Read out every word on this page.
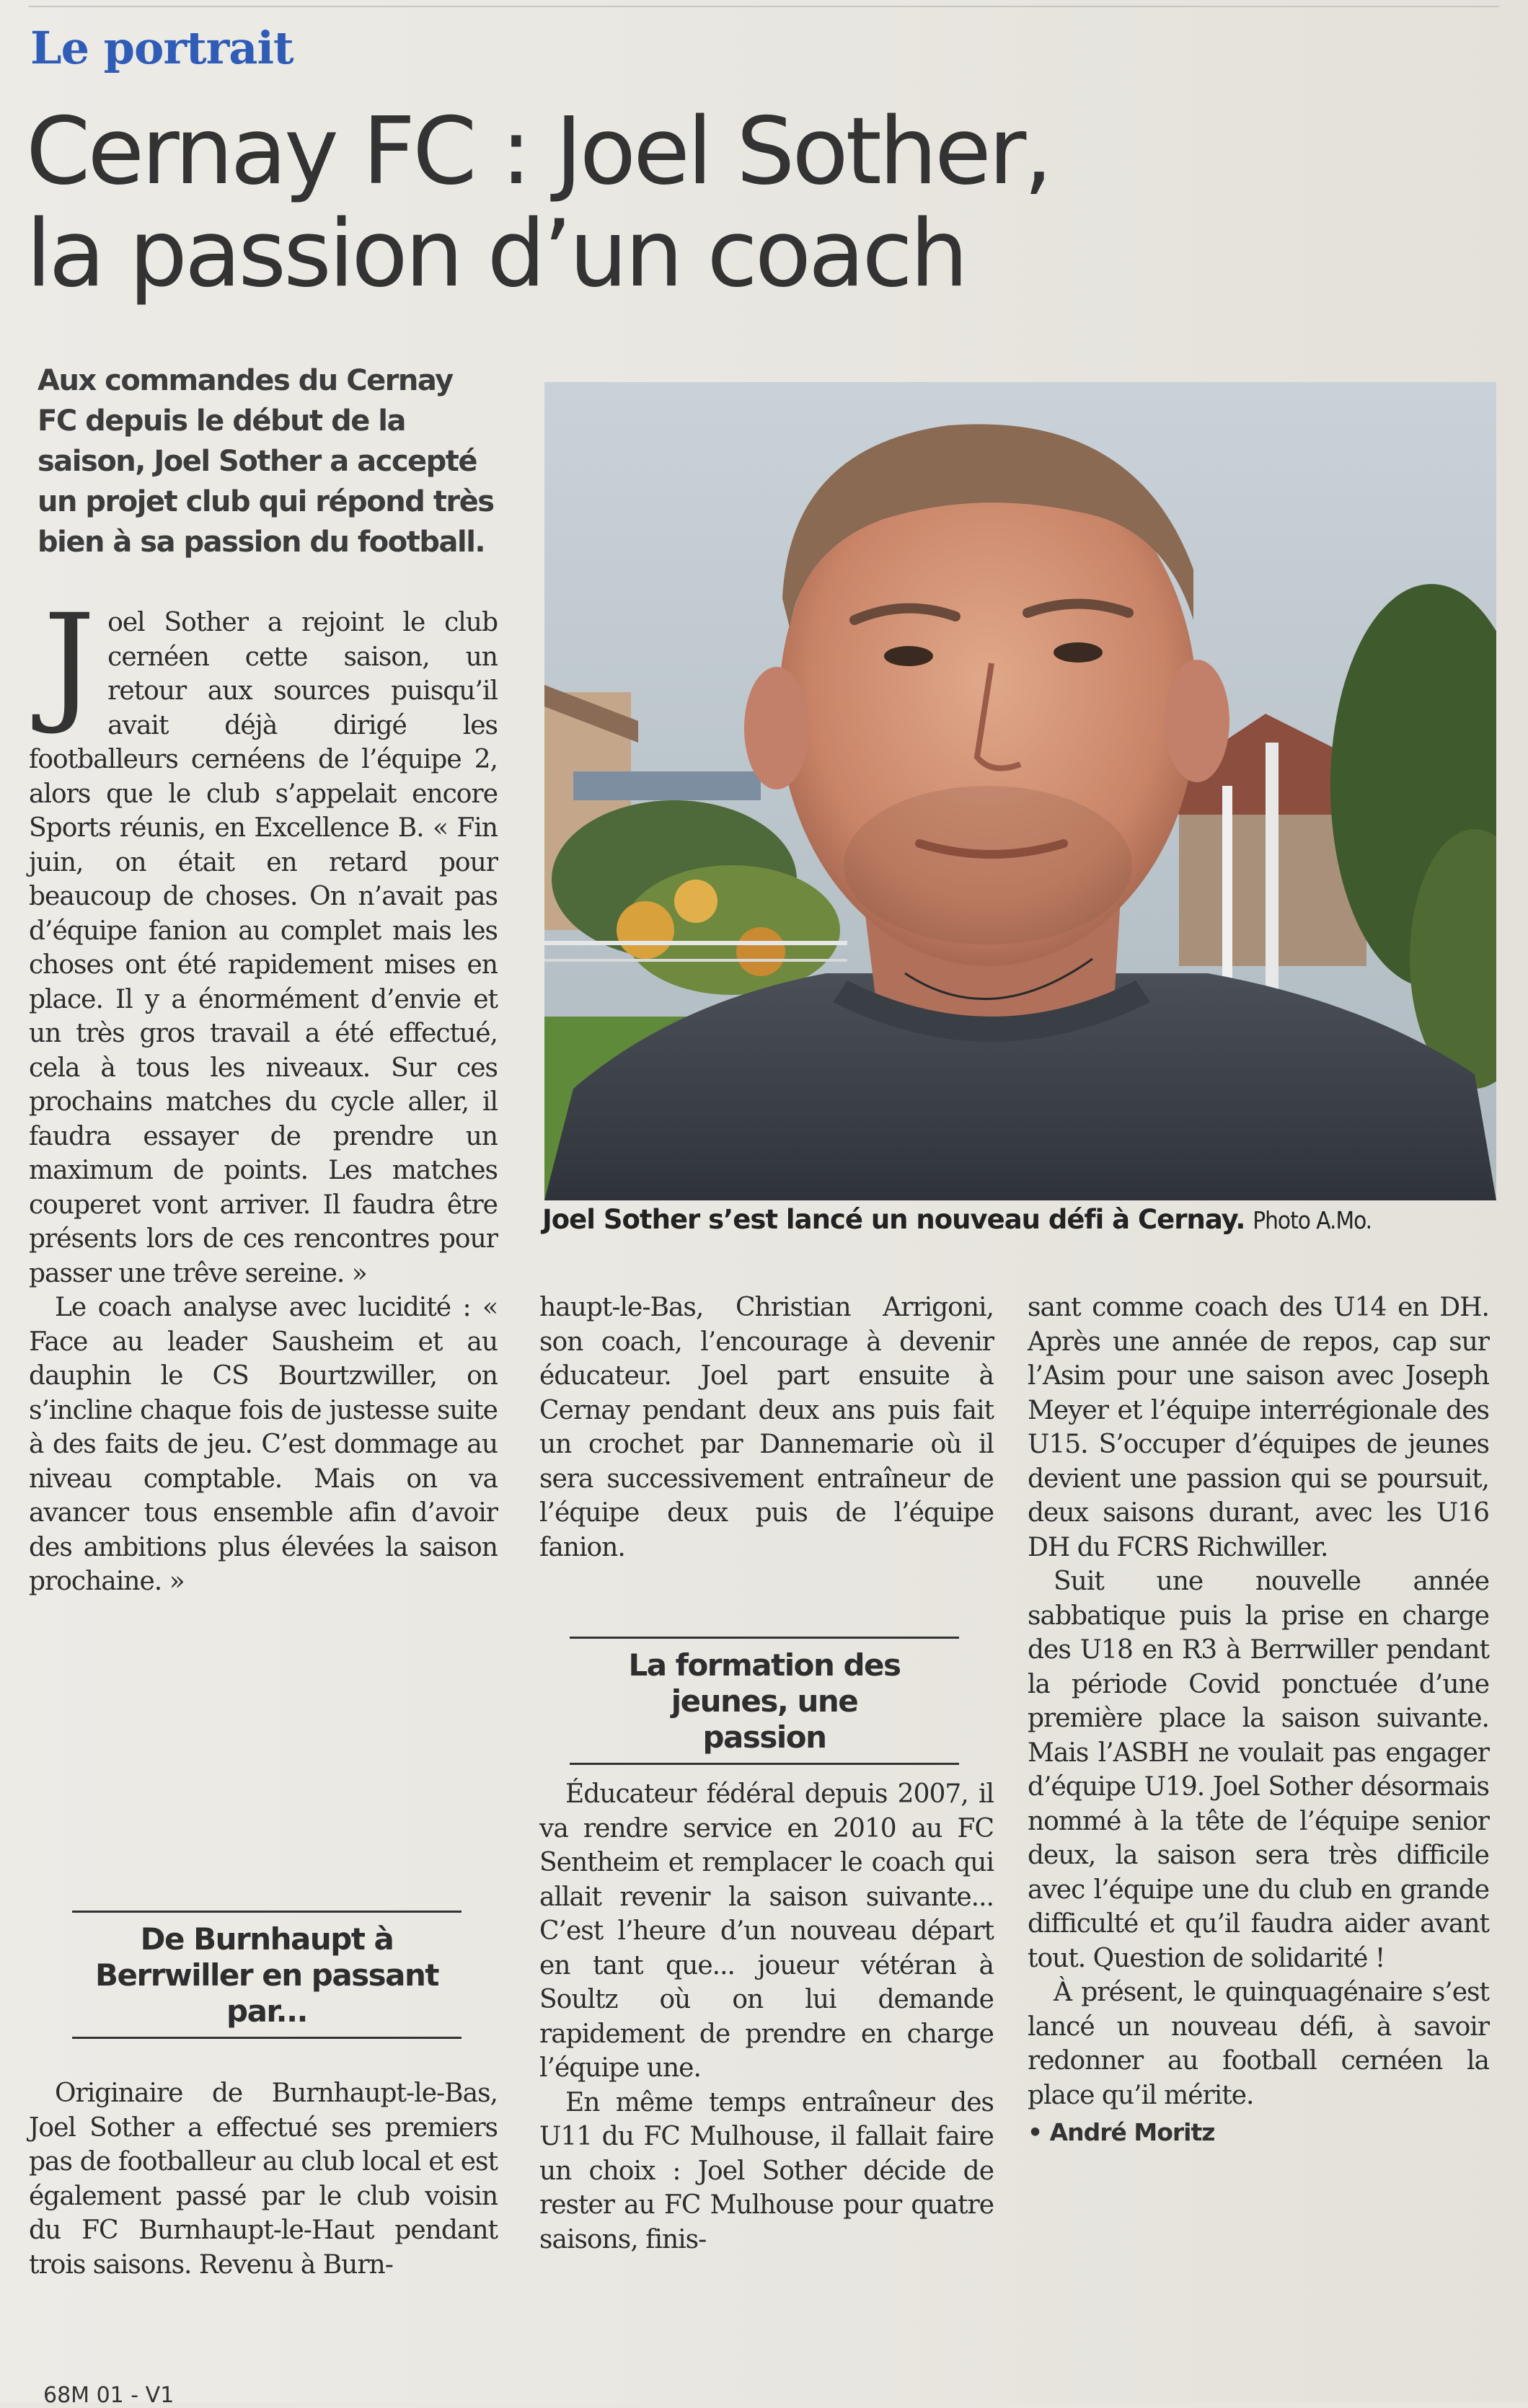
Le portrait
Cernay FC : Joel Sother,
la passion d’un coach
Aux commandes du Cernay FC depuis le début de la saison, Joel Sother a accepté un projet club qui répond très bien à sa passion du football.
J oel Sother a rejoint le club cernéen cette saison, un retour aux sources puisqu’il avait déjà dirigé les footballeurs cernéens de l’équipe 2, alors que le club s’appelait encore Sports réunis, en Excellence B. « Fin juin, on était en retard pour beaucoup de choses. On n’avait pas d’équipe fanion au complet mais les choses ont été rapidement mises en place. Il y a énormément d’envie et un très gros travail a été effectué, cela à tous les niveaux. Sur ces prochains matches du cycle aller, il faudra essayer de prendre un maximum de points. Les matches couperet vont arriver. Il faudra être présents lors de ces rencontres pour passer une trêve sereine. »

Le coach analyse avec lucidité : « Face au leader Sausheim et au dauphin le CS Bourtzwiller, on s’incline chaque fois de justesse suite à des faits de jeu. C’est dommage au niveau comptable. Mais on va avancer tous ensemble afin d’avoir des ambitions plus élevées la saison prochaine. »

De Burnhaupt à Berrwiller en passant par...

Originaire de Burnhaupt-le-Bas, Joel Sother a effectué ses premiers pas de footballeur au club local et est également passé par le club voisin du FC Burnhaupt-le-Haut pendant trois saisons. Revenu à Burn-

Joel Sother s’est lancé un nouveau défi à Cernay. Photo A.Mo.

haupt-le-Bas, Christian Arrigoni, son coach, l’encourage à devenir éducateur. Joel part ensuite à Cernay pendant deux ans puis fait un crochet par Dannemarie où il sera successivement entraîneur de l’équipe deux puis de l’équipe fanion.

La formation des jeunes, une passion

Éducateur fédéral depuis 2007, il va rendre service en 2010 au FC Sentheim et remplacer le coach qui allait revenir la saison suivante... C’est l’heure d’un nouveau départ en tant que... joueur vétéran à Soultz où on lui demande rapidement de prendre en charge l’équipe une.

En même temps entraîneur des U11 du FC Mulhouse, il fallait faire un choix : Joel Sother décide de rester au FC Mulhouse pour quatre saisons, finis-

sant comme coach des U14 en DH. Après une année de repos, cap sur l’Asim pour une saison avec Joseph Meyer et l’équipe interrégionale des U15. S’occuper d’équipes de jeunes devient une passion qui se poursuit, deux saisons durant, avec les U16 DH du FCRS Richwiller.

Suit une nouvelle année sabbatique puis la prise en charge des U18 en R3 à Berrwiller pendant la période Covid ponctuée d’une première place la saison suivante. Mais l’ASBH ne voulait pas engager d’équipe U19. Joel Sother désormais nommé à la tête de l’équipe senior deux, la saison sera très difficile avec l’équipe une du club en grande difficulté et qu’il faudra aider avant tout. Question de solidarité !

À présent, le quinquagénaire s’est lancé un nouveau défi, à savoir redonner au football cernéen la place qu’il mérite.

• André Moritz
68M 01 - V1
